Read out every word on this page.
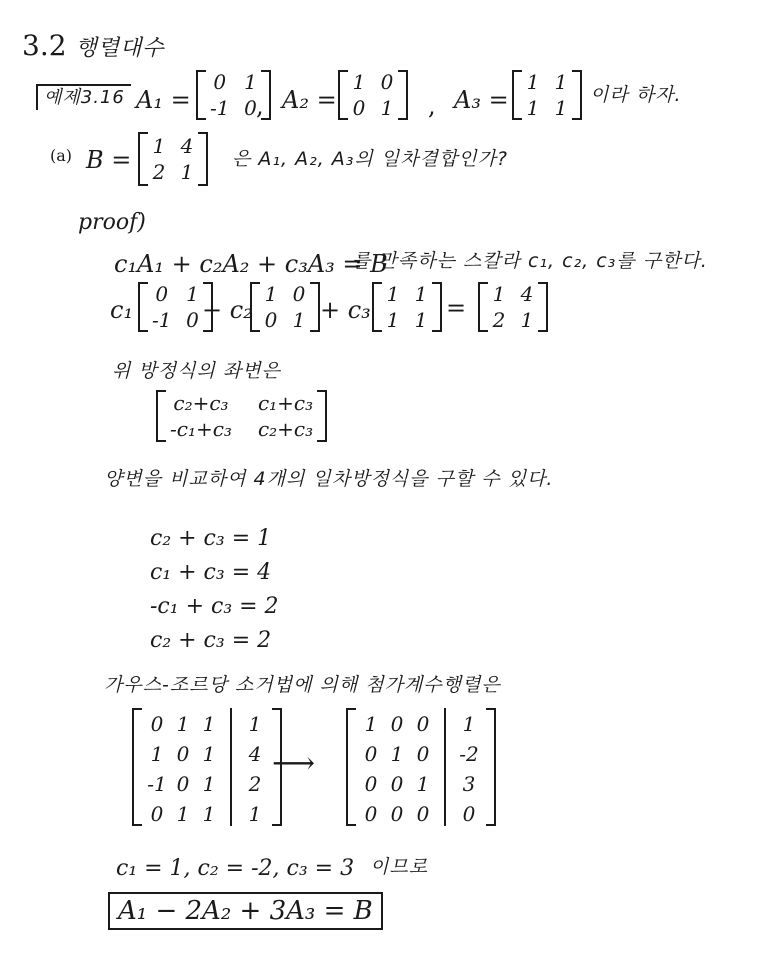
3.2 행렬대수
예제3.16 A₁ =
0 1
-1 0 , A₂ =
1 0
0 1 , A₃ =
1 1
1 1
이라 하자.
(a) B = 1 4
2 1
은 A₁, A₂, A₃의 일차결합인가?
proof)
c₁A₁ + c₂A₂ + c₃A₃ = B
를 만족하는 스칼라 c₁, c₂, c₃를 구한다.
c₁
0 1
-1 0 + c₂
1 0
0 1 + c₃
1 1
1 1 = 1 4
2 1
위 방정식의 좌변은
c₂+c₃ c₁+c₃
-c₁+c₃ c₂+c₃
양변을 비교하여 4개의 일차방정식을 구할 수 있다.
c₂ + c₃ = 1
c₁ + c₃ = 4
-c₁ + c₃ = 2
c₂ + c₃ = 2
가우스-조르당 소거법에 의해 첨가계수행렬은
0 1 1
1 0 1
-1 0 1
0 1 1
1
4
2
1
⟶
1 0 0
0 1 0
0 0 1
0 0 0
1
-2
3
0
c₁ = 1, c₂ = -2, c₃ = 3 이므로
A₁ − 2A₂ + 3A₃ = B
